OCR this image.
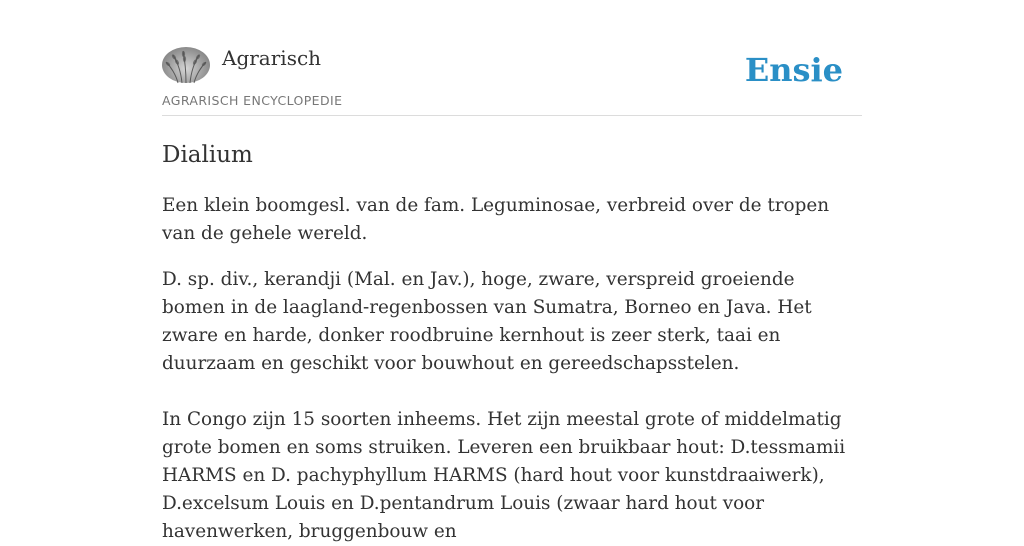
Agrarisch
AGRARISCH ENCYCLOPEDIE
Ensie
Dialium

Een klein boomgesl. van de fam. Leguminosae, verbreid over de tropen van de gehele wereld.

D. sp. div., kerandji (Mal. en Jav.), hoge, zware, verspreid groeiende bomen in de laagland-regenbossen van Sumatra, Borneo en Java. Het zware en harde, donker roodbruine kernhout is zeer sterk, taai en duurzaam en geschikt voor bouwhout en gereedschapsstelen.

In Congo zijn 15 soorten inheems. Het zijn meestal grote of middelmatig grote bomen en soms struiken. Leveren een bruikbaar hout: D.tessmamii HARMS en D. pachyphyllum HARMS (hard hout voor kunstdraaiwerk), D.excelsum Louis en D.pentandrum Louis (zwaar hard hout voor havenwerken, bruggenbouw en
